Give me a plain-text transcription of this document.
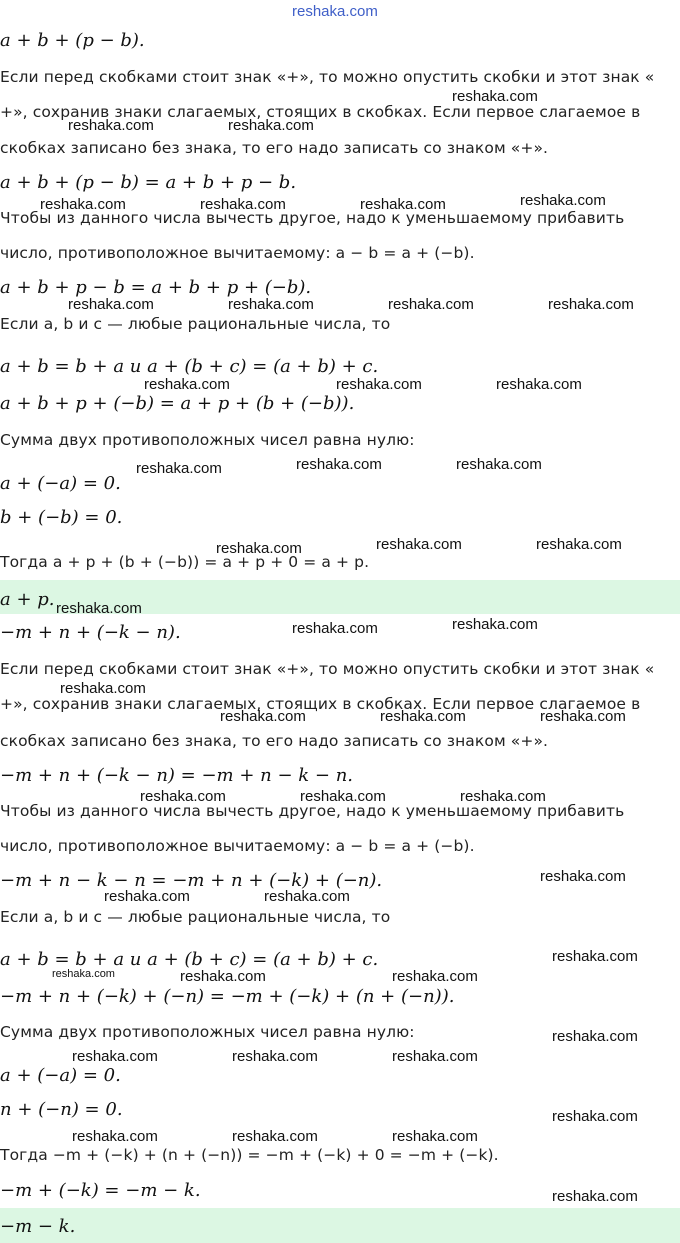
reshaka.com
a + b + (p − b).
Если перед скобками стоит знак «+», то можно опустить скобки и этот знак «
+», сохранив знаки слагаемых, стоящих в скобках. Если первое слагаемое в
скобках записано без знака, то его надо записать со знаком «+».
a + b + (p − b) = a + b + p − b.
Чтобы из данного числа вычесть другое, надо к уменьшаемому прибавить
число, противоположное вычитаемому: a − b = a + (−b).
a + b + p − b = a + b + p + (−b).
Если a, b и c — любые рациональные числа, то
a + b = b + a и a + (b + c) = (a + b) + c.
a + b + p + (−b) = a + p + (b + (−b)).
Сумма двух противоположных чисел равна нулю:
a + (−a) = 0.
b + (−b) = 0.
Тогда a + p + (b + (−b)) = a + p + 0 = a + p.
a + p.
−m + n + (−k − n).
Если перед скобками стоит знак «+», то можно опустить скобки и этот знак «
+», сохранив знаки слагаемых, стоящих в скобках. Если первое слагаемое в
скобках записано без знака, то его надо записать со знаком «+».
−m + n + (−k − n) = −m + n − k − n.
Чтобы из данного числа вычесть другое, надо к уменьшаемому прибавить
число, противоположное вычитаемому: a − b = a + (−b).
−m + n − k − n = −m + n + (−k) + (−n).
Если a, b и c — любые рациональные числа, то
a + b = b + a и a + (b + c) = (a + b) + c.
−m + n + (−k) + (−n) = −m + (−k) + (n + (−n)).
Сумма двух противоположных чисел равна нулю:
a + (−a) = 0.
n + (−n) = 0.
Тогда −m + (−k) + (n + (−n)) = −m + (−k) + 0 = −m + (−k).
−m + (−k) = −m − k.
−m − k.
reshaka.com
reshaka.com	reshaka.com
reshaka.com
reshaka.com	reshaka.com	reshaka.com
reshaka.com	reshaka.com	reshaka.com	reshaka.com
reshaka.com	reshaka.com	reshaka.com
reshaka.com	reshaka.com	reshaka.com
reshaka.com	reshaka.com	reshaka.com
reshaka.com
reshaka.com	reshaka.com
reshaka.com
reshaka.com	reshaka.com	reshaka.com
reshaka.com	reshaka.com	reshaka.com
reshaka.com
reshaka.com	reshaka.com
reshaka.com
reshaka.com	reshaka.com	reshaka.com
reshaka.com
reshaka.com	reshaka.com	reshaka.com
reshaka.com
reshaka.com	reshaka.com	reshaka.com
reshaka.com
